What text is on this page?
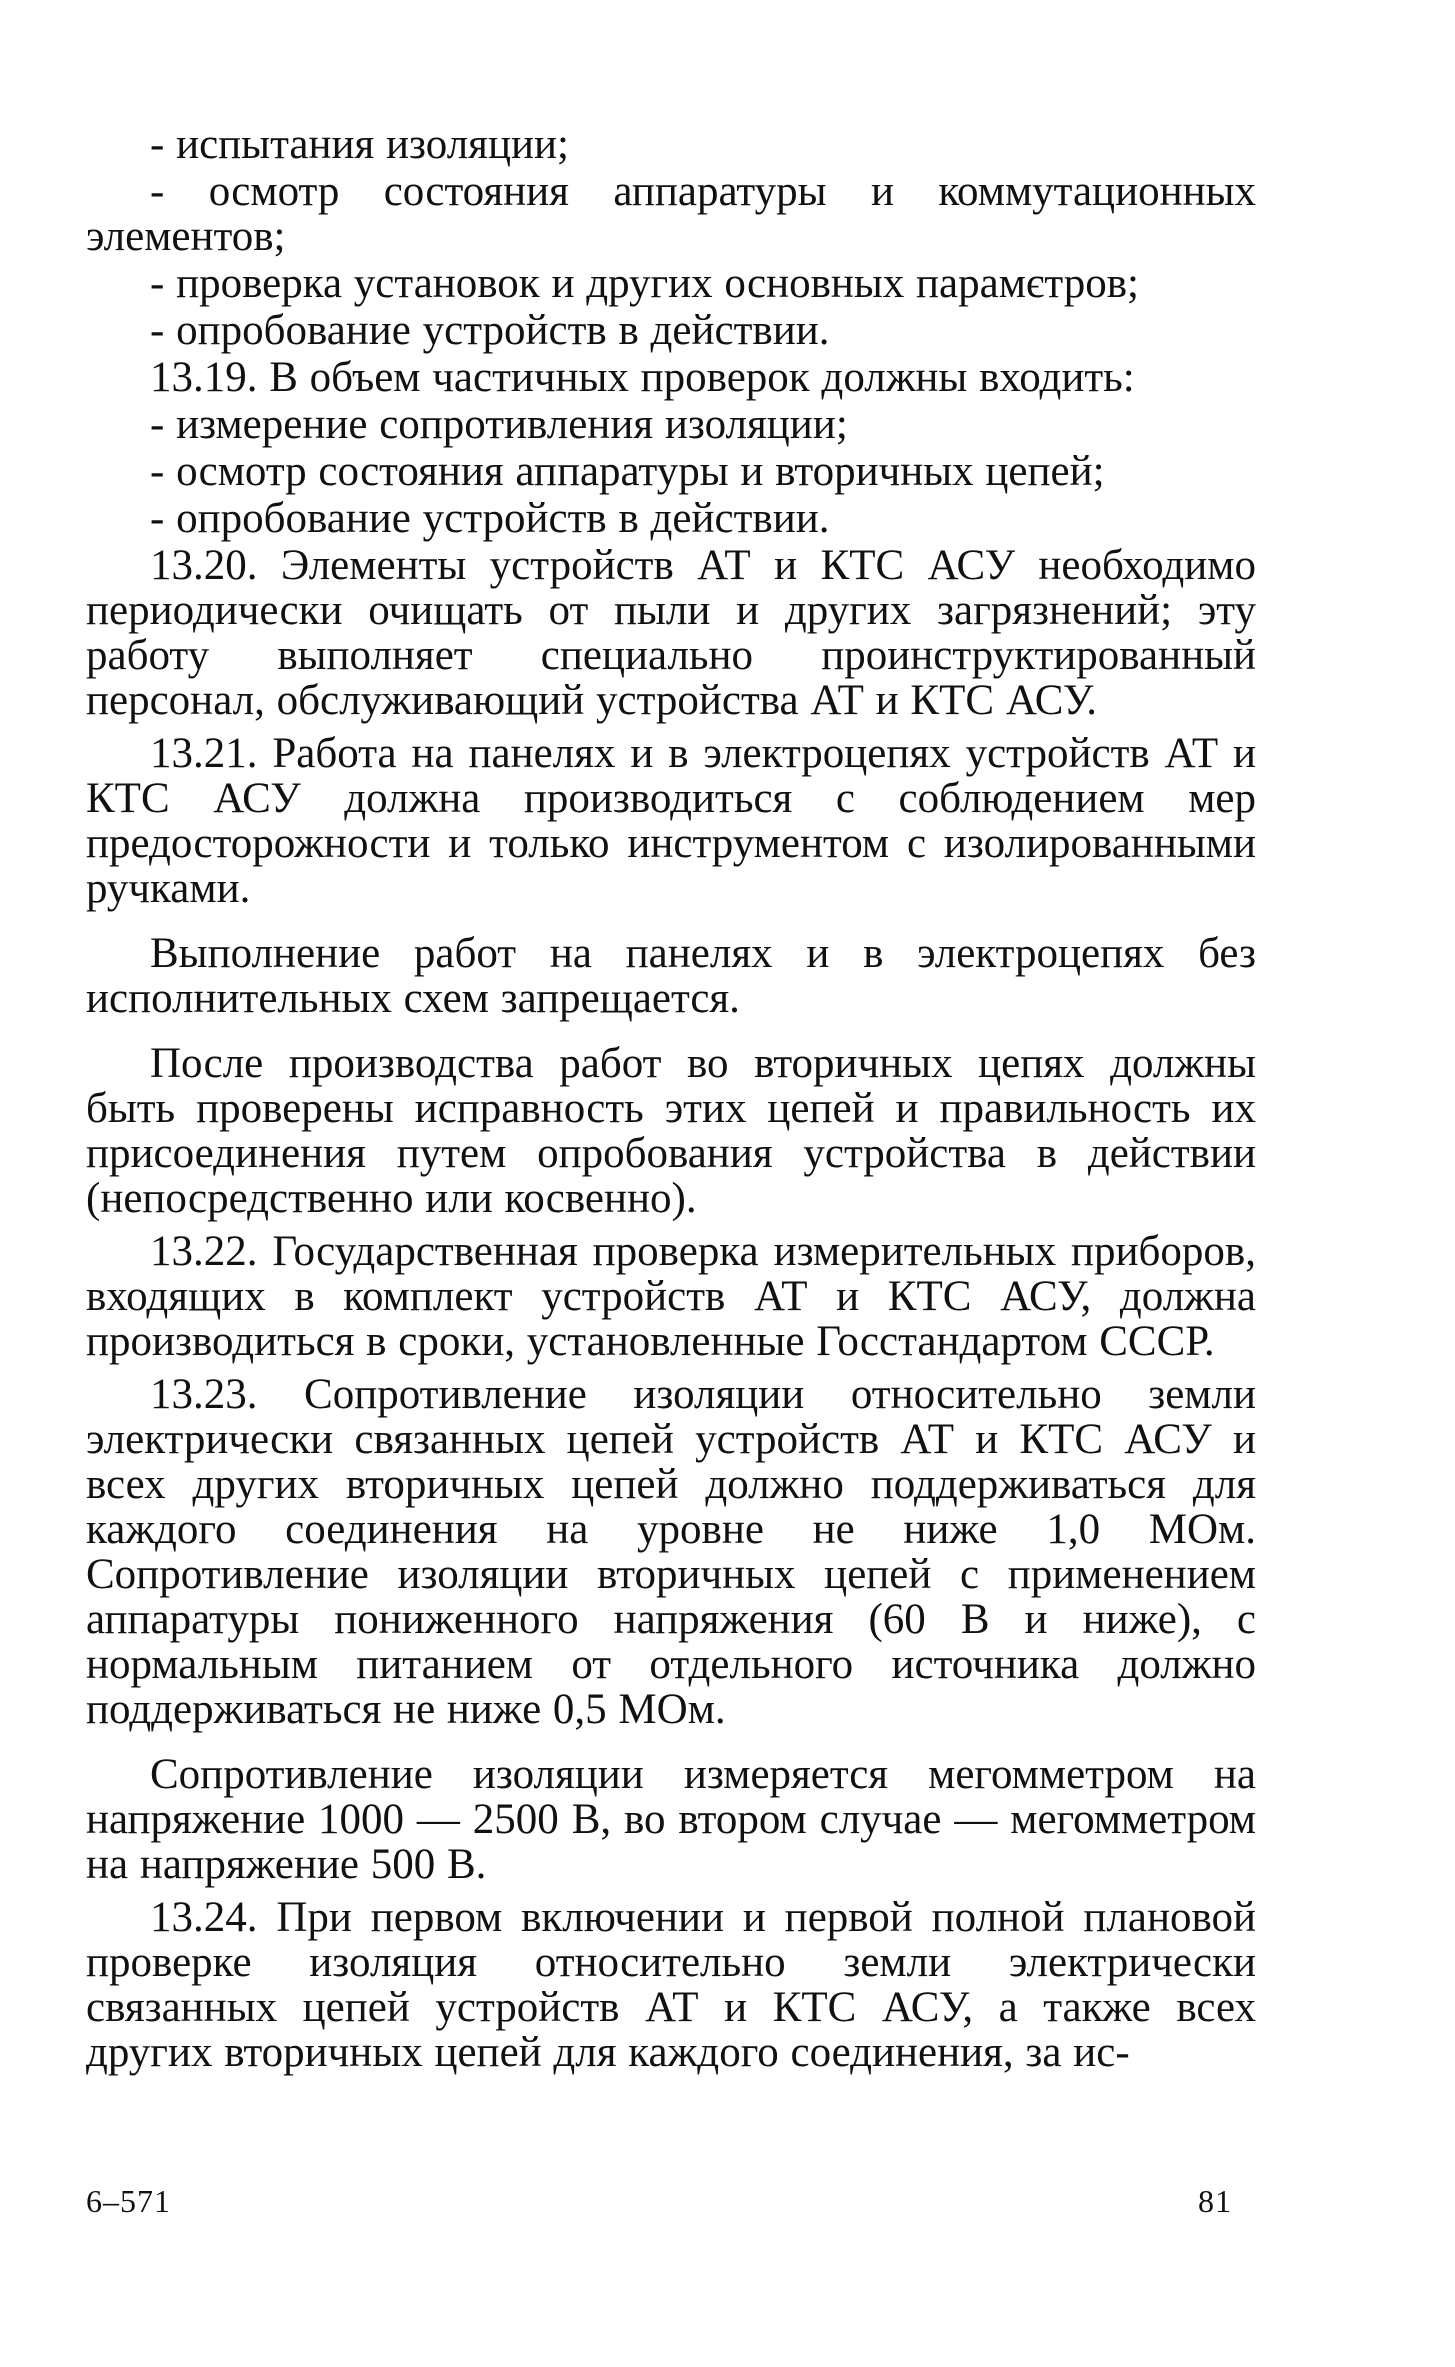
- испытания изоляции;

- осмотр состояния аппаратуры и коммутационных элементов;

- проверка установок и других основных парамєтров;

- опробование устройств в действии.

13.19. В объем частичных проверок должны входить:

- измерение сопротивления изоляции;

- осмотр состояния аппаратуры и вторичных цепей;

- опробование устройств в действии.

13.20. Элементы устройств АТ и КТС АСУ необходимо периодически очищать от пыли и других загрязнений; эту работу выполняет специально проинструктированный персонал, обслуживающий устройства АТ и КТС АСУ.

13.21. Работа на панелях и в электроцепях устройств АТ и КТС АСУ должна производиться с соблюдением мер предосторожности и только инструментом с изолированными ручками.

Выполнение работ на панелях и в электроцепях без исполнительных схем запрещается.

После производства работ во вторичных цепях должны быть проверены исправность этих цепей и правильность их присоединения путем опробования устройства в действии (непосредственно или косвенно).

13.22. Государственная проверка измерительных приборов, входящих в комплект устройств АТ и КТС АСУ, должна производиться в сроки, установленные Госстандартом СССР.

13.23. Сопротивление изоляции относительно земли электрически связанных цепей устройств АТ и КТС АСУ и всех других вторичных цепей должно поддерживаться для каждого соединения на уровне не ниже 1,0 МОм. Сопротивление изоляции вторичных цепей с применением аппаратуры пониженного напряжения (60 В и ниже), с нормальным питанием от отдельного источника должно поддерживаться не ниже 0,5 МОм.

Сопротивление изоляции измеряется мегомметром на напряжение 1000 — 2500 В, во втором случае — мегомметром на напряжение 500 В.

13.24. При первом включении и первой полной плановой проверке изоляция относительно земли электрически связанных цепей устройств АТ и КТС АСУ, а также всех других вторичных цепей для каждого соединения, за ис-

6–571	81
